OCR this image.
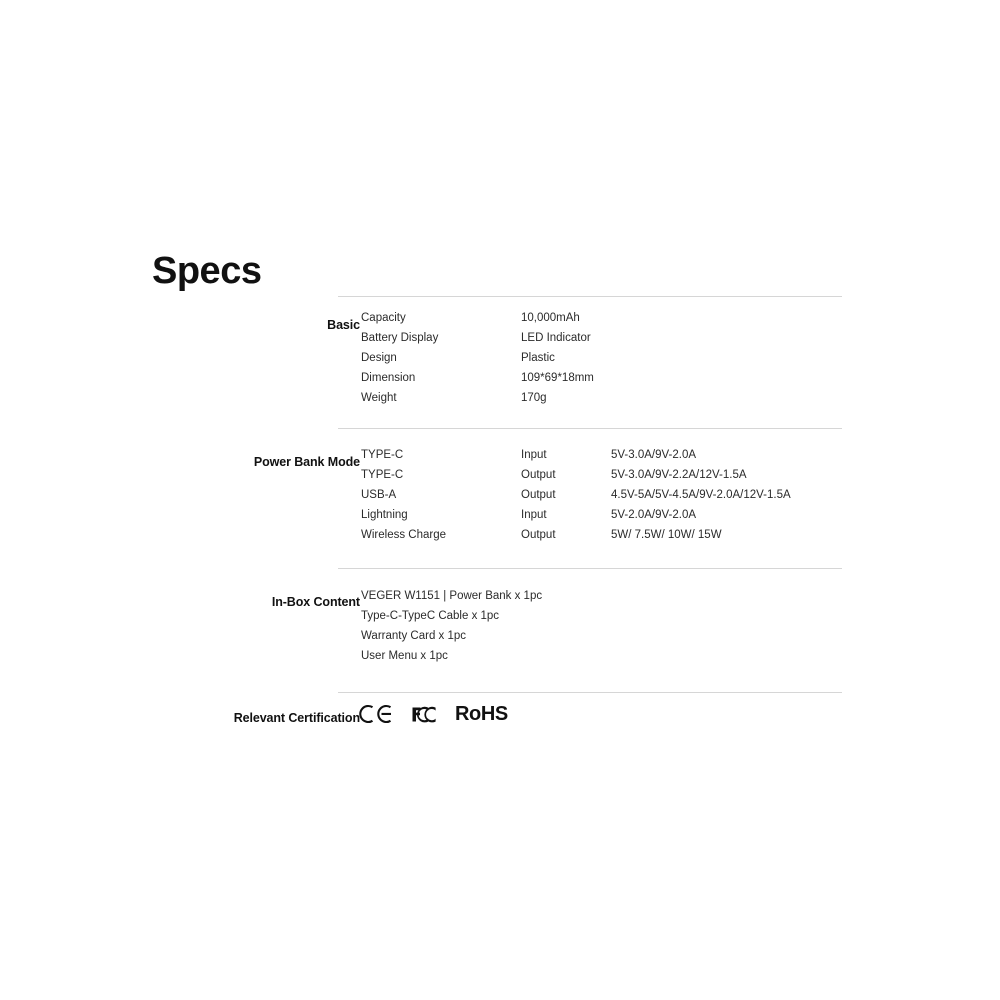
Specs
Basic Capacity	10,000mAh
Battery Display	LED Indicator
Design	Plastic
Dimension	109*69*18mm
Weight	170g
Power Bank Mode TYPE-C	Input	5V-3.0A/9V-2.0A
TYPE-C	Output	5V-3.0A/9V-2.2A/12V-1.5A
USB-A	Output	4.5V-5A/5V-4.5A/9V-2.0A/12V-1.5A
Lightning	Input	5V-2.0A/9V-2.0A
Wireless Charge	Output	5W/ 7.5W/ 10W/ 15W
In-Box Content VEGER W1151 | Power Bank x 1pc
Type-C-TypeC Cable x 1pc
Warranty Card x 1pc
User Menu x 1pc
Relevant Certification	RoHS
